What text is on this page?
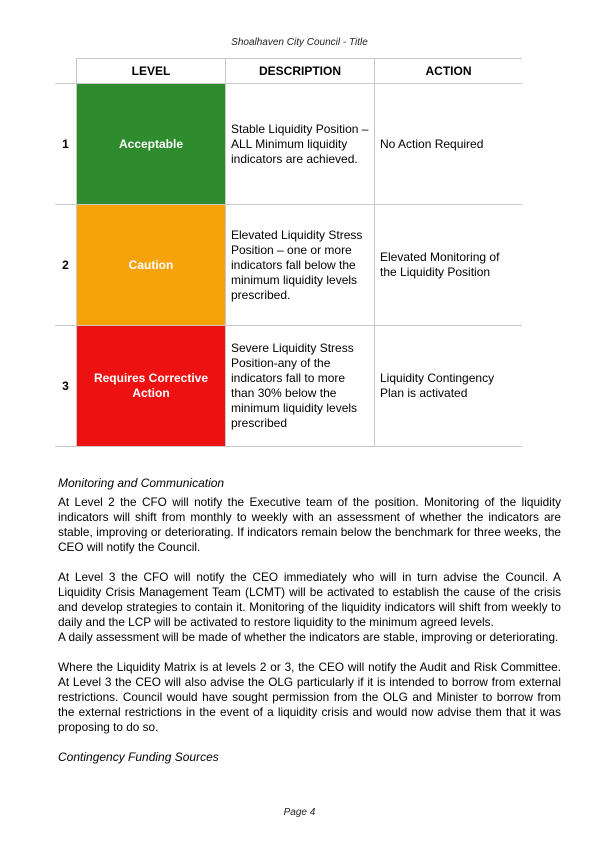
Shoalhaven City Council - Title
	LEVEL	DESCRIPTION	ACTION
1	Acceptable	Stable Liquidity Position – ALL Minimum liquidity indicators are achieved.	No Action Required
2	Caution	Elevated Liquidity Stress Position – one or more indicators fall below the minimum liquidity levels prescribed.	Elevated Monitoring of the Liquidity Position
3	Requires Corrective Action	Severe Liquidity Stress Position-any of the indicators fall to more than 30% below the minimum liquidity levels prescribed	Liquidity Contingency Plan is activated
Monitoring and Communication

At Level 2 the CFO will notify the Executive team of the position. Monitoring of the liquidity indicators will shift from monthly to weekly with an assessment of whether the indicators are stable, improving or deteriorating. If indicators remain below the benchmark for three weeks, the CEO will notify the Council.

At Level 3 the CFO will notify the CEO immediately who will in turn advise the Council. A Liquidity Crisis Management Team (LCMT) will be activated to establish the cause of the crisis and develop strategies to contain it. Monitoring of the liquidity indicators will shift from weekly to daily and the LCP will be activated to restore liquidity to the minimum agreed levels.

A daily assessment will be made of whether the indicators are stable, improving or deteriorating.

Where the Liquidity Matrix is at levels 2 or 3, the CEO will notify the Audit and Risk Committee. At Level 3 the CEO will also advise the OLG particularly if it is intended to borrow from external restrictions. Council would have sought permission from the OLG and Minister to borrow from the external restrictions in the event of a liquidity crisis and would now advise them that it was proposing to do so.

Contingency Funding Sources
Page 4
